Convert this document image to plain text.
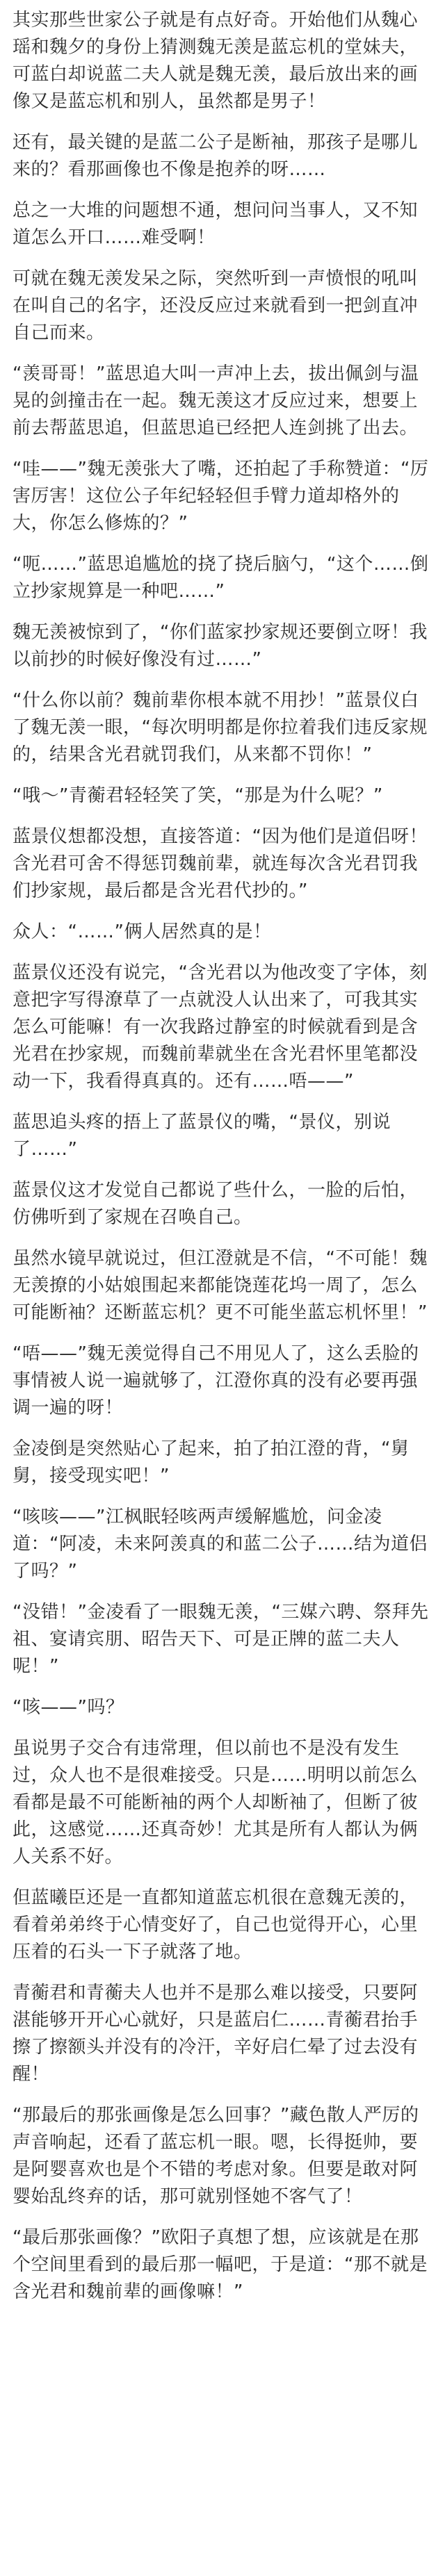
其实那些世家公子就是有点好奇。开始他们从魏心瑶和魏夕的身份上猜测魏无羡是蓝忘机的堂妹夫，可蓝白却说蓝二夫人就是魏无羡，最后放出来的画像又是蓝忘机和别人，虽然都是男子！

还有，最关键的是蓝二公子是断袖，那孩子是哪儿来的？看那画像也不像是抱养的呀……

总之一大堆的问题想不通，想问问当事人，又不知道怎么开口……难受啊！

可就在魏无羡发呆之际，突然听到一声愤恨的吼叫在叫自己的名字，还没反应过来就看到一把剑直冲自己而来。

“羡哥哥！”蓝思追大叫一声冲上去，拔出佩剑与温晃的剑撞击在一起。魏无羡这才反应过来，想要上前去帮蓝思追，但蓝思追已经把人连剑挑了出去。

“哇——”魏无羡张大了嘴，还拍起了手称赞道：“厉害厉害！这位公子年纪轻轻但手臂力道却格外的大，你怎么修炼的？”

“呃……”蓝思追尴尬的挠了挠后脑勺，“这个……倒立抄家规算是一种吧……”

魏无羡被惊到了，“你们蓝家抄家规还要倒立呀！我以前抄的时候好像没有过……”

“什么你以前？魏前辈你根本就不用抄！”蓝景仪白了魏无羡一眼，“每次明明都是你拉着我们违反家规的，结果含光君就罚我们，从来都不罚你！”

“哦～”青蘅君轻轻笑了笑，“那是为什么呢？”

蓝景仪想都没想，直接答道：“因为他们是道侣呀！含光君可舍不得惩罚魏前辈，就连每次含光君罚我们抄家规，最后都是含光君代抄的。”

众人：“……”俩人居然真的是！

蓝景仪还没有说完，“含光君以为他改变了字体，刻意把字写得潦草了一点就没人认出来了，可我其实怎么可能嘛！有一次我路过静室的时候就看到是含光君在抄家规，而魏前辈就坐在含光君怀里笔都没动一下，我看得真真的。还有……唔——”

蓝思追头疼的捂上了蓝景仪的嘴，“景仪，别说了……”

蓝景仪这才发觉自己都说了些什么，一脸的后怕，仿佛听到了家规在召唤自己。

虽然水镜早就说过，但江澄就是不信，“不可能！魏无羡撩的小姑娘围起来都能饶莲花坞一周了，怎么可能断袖？还断蓝忘机？更不可能坐蓝忘机怀里！”

“唔——”魏无羡觉得自己不用见人了，这么丢脸的事情被人说一遍就够了，江澄你真的没有必要再强调一遍的呀！

金凌倒是突然贴心了起来，拍了拍江澄的背，“舅舅，接受现实吧！”

“咳咳——”江枫眠轻咳两声缓解尴尬，问金凌道：“阿凌，未来阿羡真的和蓝二公子……结为道侣了吗？”

“没错！”金凌看了一眼魏无羡，“三媒六聘、祭拜先祖、宴请宾朋、昭告天下、可是正牌的蓝二夫人呢！”

“咳——”吗？

虽说男子交合有违常理，但以前也不是没有发生过，众人也不是很难接受。只是……明明以前怎么看都是最不可能断袖的两个人却断袖了，但断了彼此，这感觉……还真奇妙！尤其是所有人都认为俩人关系不好。

但蓝曦臣还是一直都知道蓝忘机很在意魏无羡的，看着弟弟终于心情变好了，自己也觉得开心，心里压着的石头一下子就落了地。

青蘅君和青蘅夫人也并不是那么难以接受，只要阿湛能够开开心心就好，只是蓝启仁……青蘅君抬手擦了擦额头并没有的冷汗，辛好启仁晕了过去没有醒！

“那最后的那张画像是怎么回事？”藏色散人严厉的声音响起，还看了蓝忘机一眼。嗯，长得挺帅，要是阿婴喜欢也是个不错的考虑对象。但要是敢对阿婴始乱终弃的话，那可就别怪她不客气了！

“最后那张画像？”欧阳子真想了想，应该就是在那个空间里看到的最后那一幅吧，于是道：“那不就是含光君和魏前辈的画像嘛！”
